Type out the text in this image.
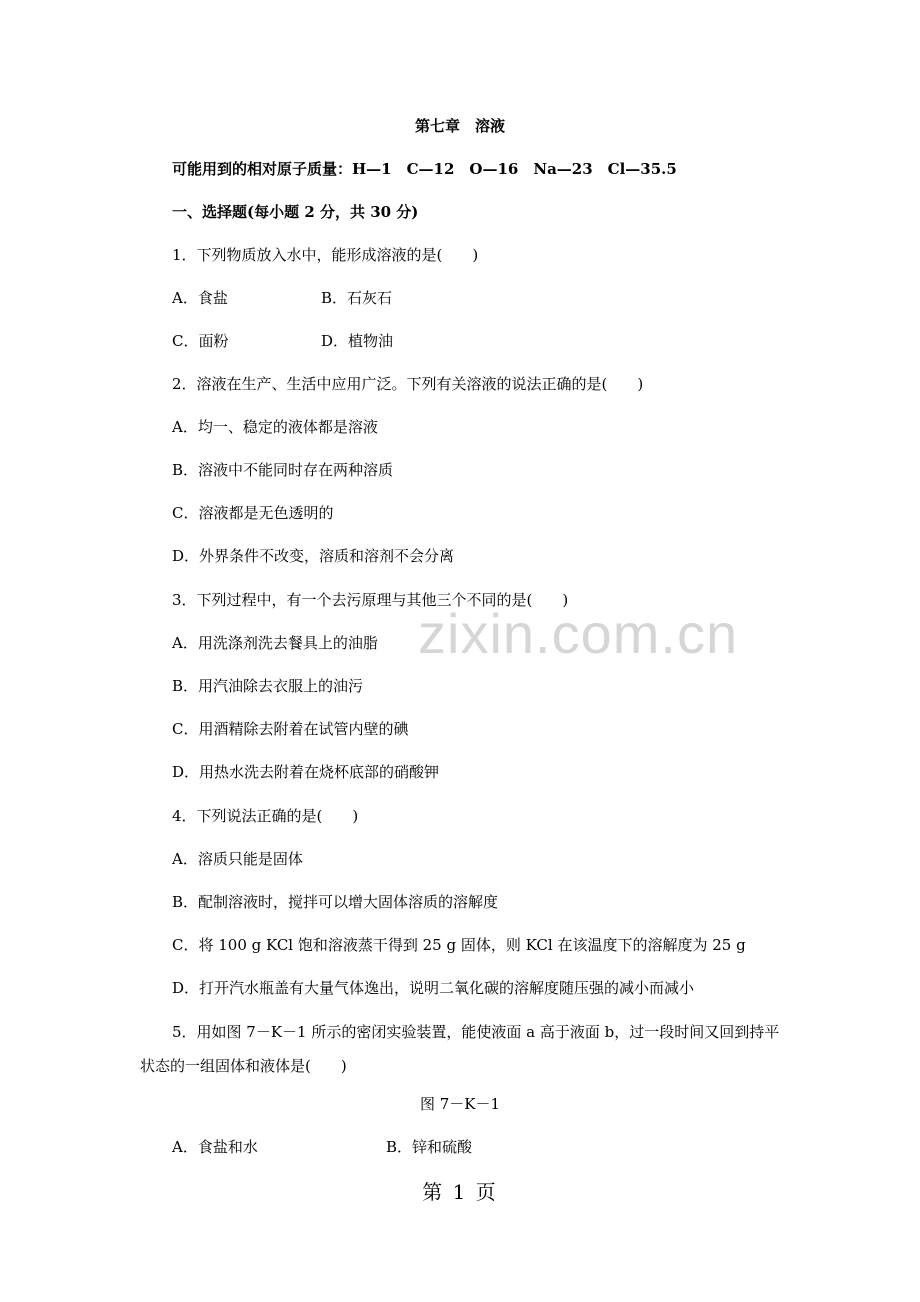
第七章　溶液
可能用到的相对原子质量：H—1　C—12　O—16　Na—23　Cl—35.5
一、选择题(每小题 2 分，共 30 分)
1．下列物质放入水中，能形成溶液的是(　　)
A．食盐	B．石灰石
C．面粉	D．植物油
2．溶液在生产、生活中应用广泛。下列有关溶液的说法正确的是(　　)
A．均一、稳定的液体都是溶液
B．溶液中不能同时存在两种溶质
C．溶液都是无色透明的
D．外界条件不改变，溶质和溶剂不会分离
3．下列过程中，有一个去污原理与其他三个不同的是(　　)
A．用洗涤剂洗去餐具上的油脂
B．用汽油除去衣服上的油污
C．用酒精除去附着在试管内壁的碘
D．用热水洗去附着在烧杯底部的硝酸钾
zixin.com.cn
4．下列说法正确的是(　　)
A．溶质只能是固体
B．配制溶液时，搅拌可以增大固体溶质的溶解度
C．将 100 g KCl 饱和溶液蒸干得到 25 g 固体，则 KCl 在该温度下的溶解度为 25 g
D．打开汽水瓶盖有大量气体逸出，说明二氧化碳的溶解度随压强的减小而减小
5．用如图 7－K－1 所示的密闭实验装置，能使液面 a 高于液面 b，过一段时间又回到持平状态的一组固体和液体是(　　)
图 7－K－1
A．食盐和水	B．锌和硫酸
第 1 页
